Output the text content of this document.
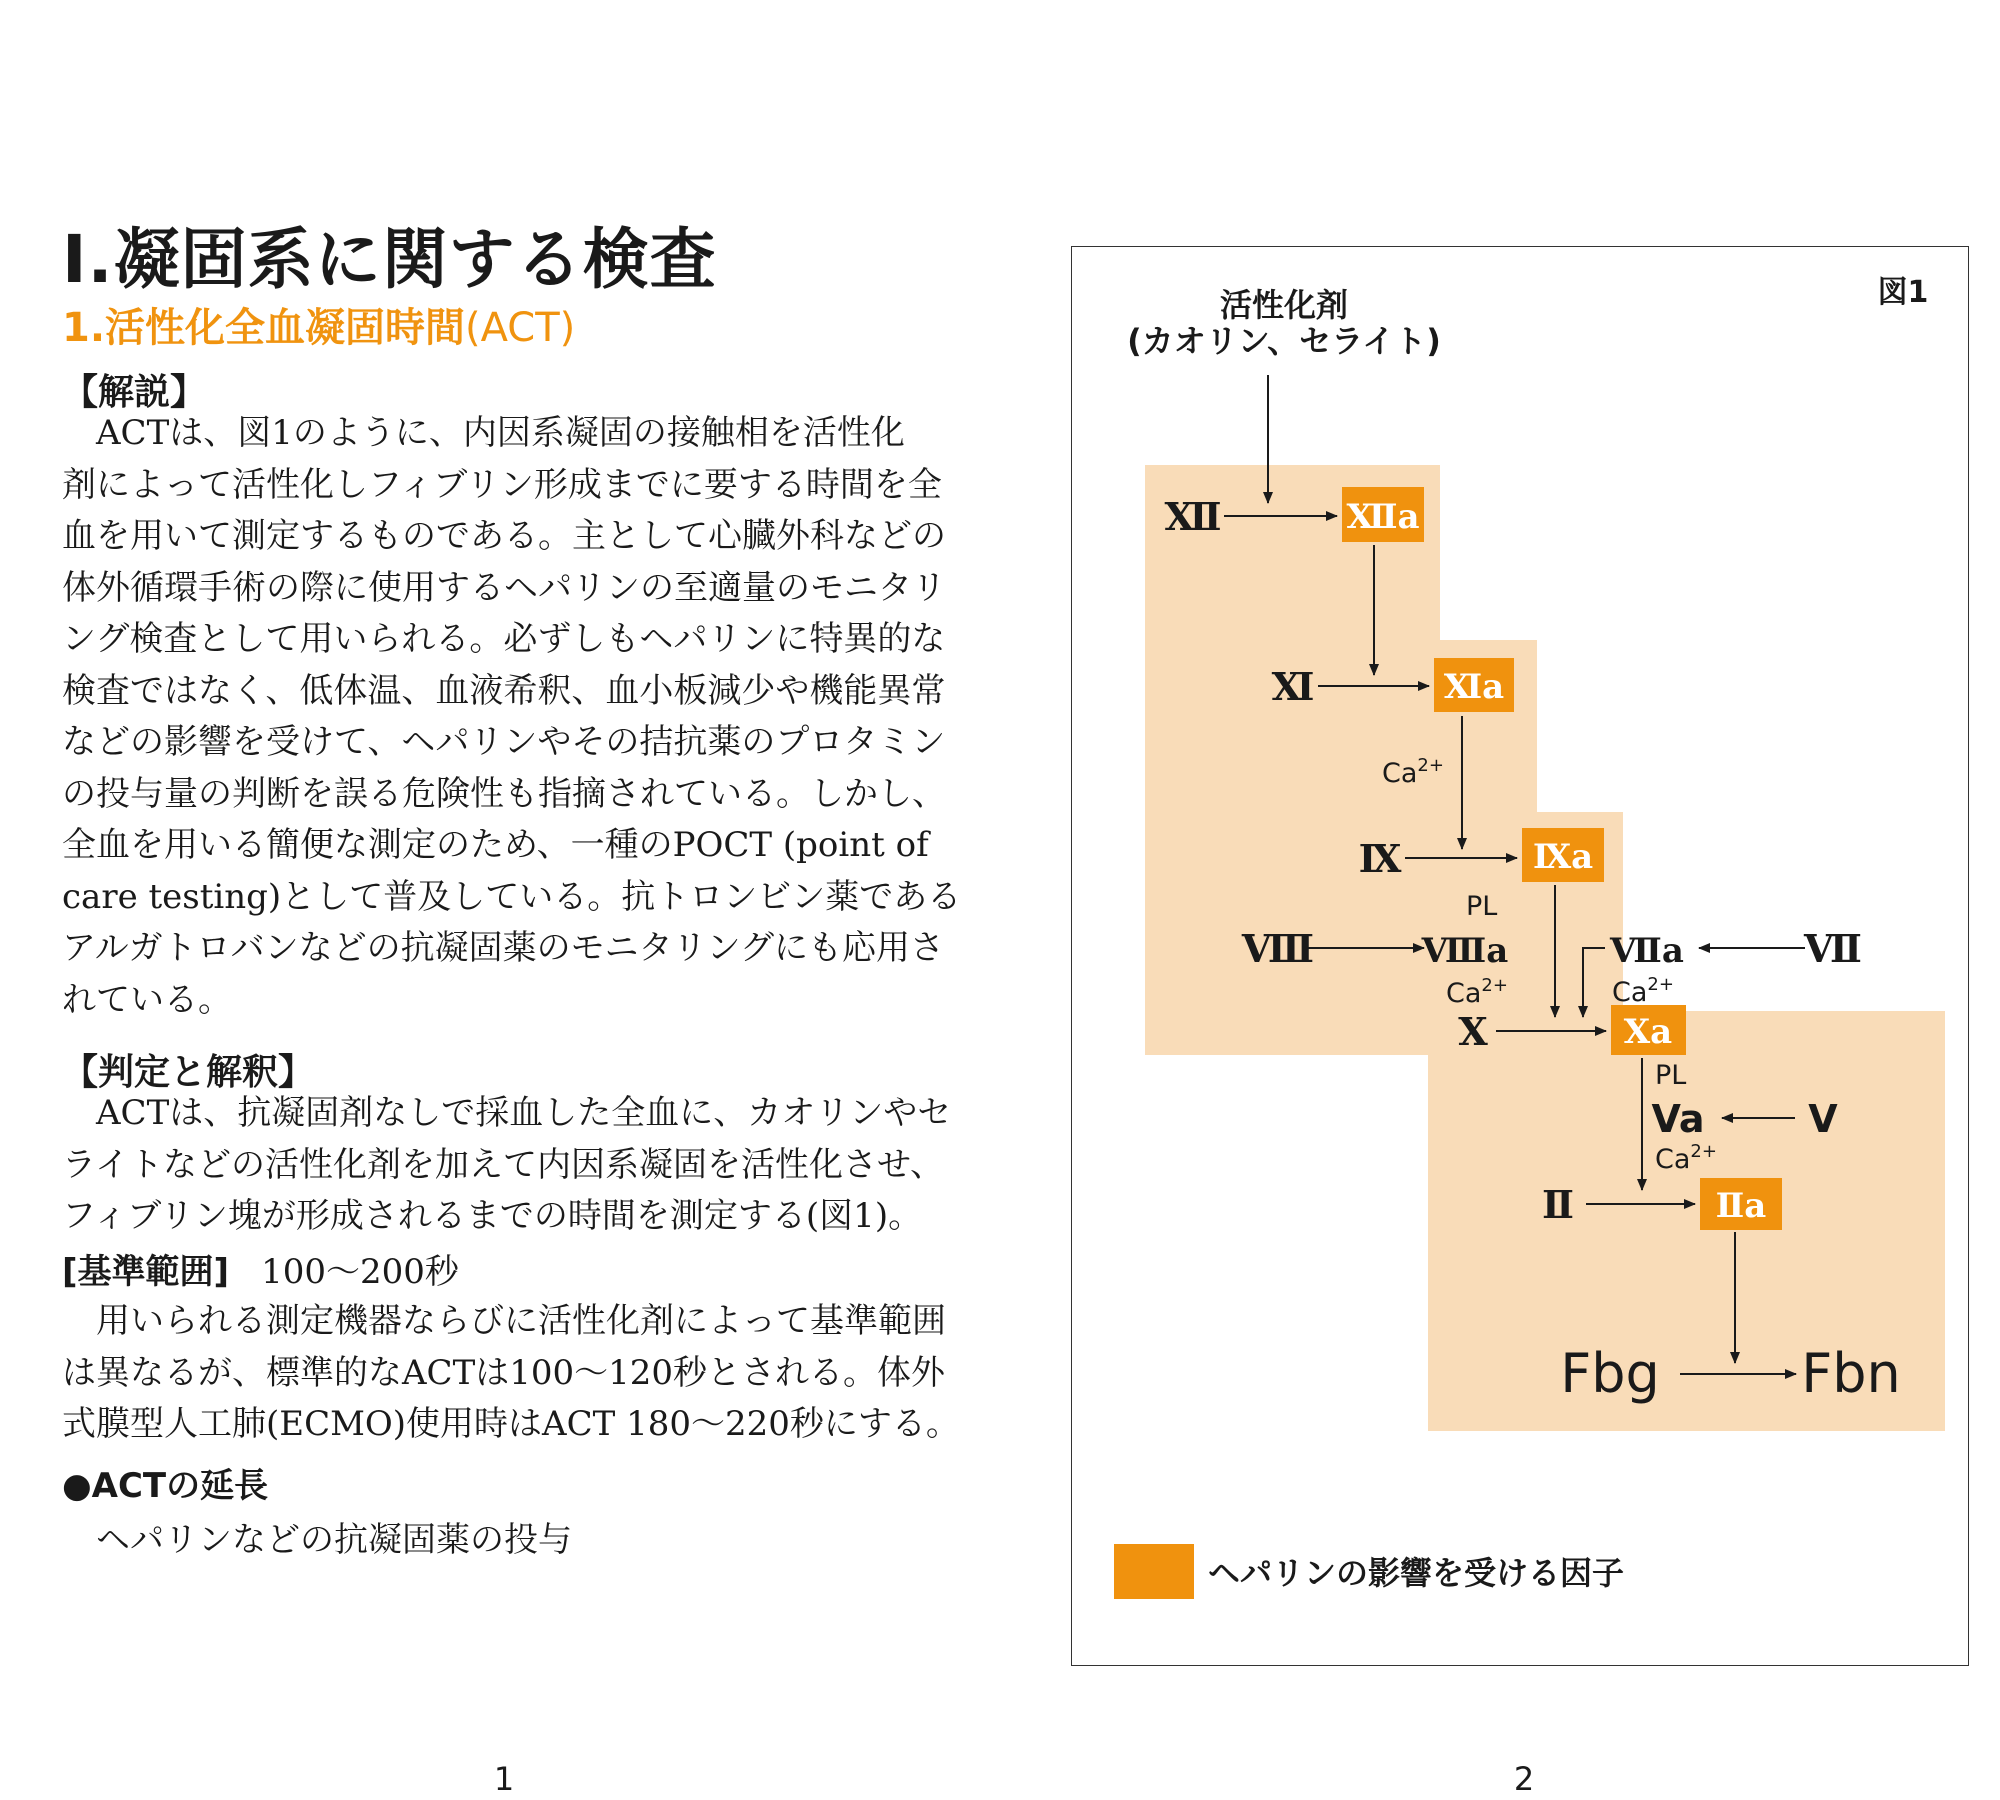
Ⅰ.凝固系に関する検査
1.活性化全血凝固時間(ACT)
【解説】
ACTは、図1のように、内因系凝固の接触相を活性化
剤によって活性化しフィブリン形成までに要する時間を全
血を用いて測定するものである。主として心臓外科などの
体外循環手術の際に使用するヘパリンの至適量のモニタリ
ング検査として用いられる。必ずしもヘパリンに特異的な
検査ではなく、低体温、血液希釈、血小板減少や機能異常
などの影響を受けて、ヘパリンやその拮抗薬のプロタミン
の投与量の判断を誤る危険性も指摘されている。しかし、
全血を用いる簡便な測定のため、一種のPOCT (point of
care testing)として普及している。抗トロンビン薬である
アルガトロバンなどの抗凝固薬のモニタリングにも応用さ
れている。
【判定と解釈】
ACTは、抗凝固剤なしで採血した全血に、カオリンやセ
ライトなどの活性化剤を加えて内因系凝固を活性化させ、
フィブリン塊が形成されるまでの時間を測定する(図1)。
[基準範囲] 100～200秒
用いられる測定機器ならびに活性化剤によって基準範囲
は異なるが、標準的なACTは100～120秒とされる。体外
式膜型人工肺(ECMO)使用時はACT 180～220秒にする。
●ACTの延長
ヘパリンなどの抗凝固薬の投与
1
図1
活性化剤
(カオリン、セライト)
Ⅻ
Ⅺ
Ⅸ
Ⅷ	Ⅶ
Ⅹ
Ⅱ
Ⅻa
Ⅺa
Ⅸa
Ⅹa
Ⅱa
Ⅷa	Ⅶa
Va	V
Fbg	Fbn
$Ca^{2+}$
PL
$Ca^{2+}$	$Ca^{2+}$
PL
$Ca^{2+}$
ヘパリンの影響を受ける因子
2
